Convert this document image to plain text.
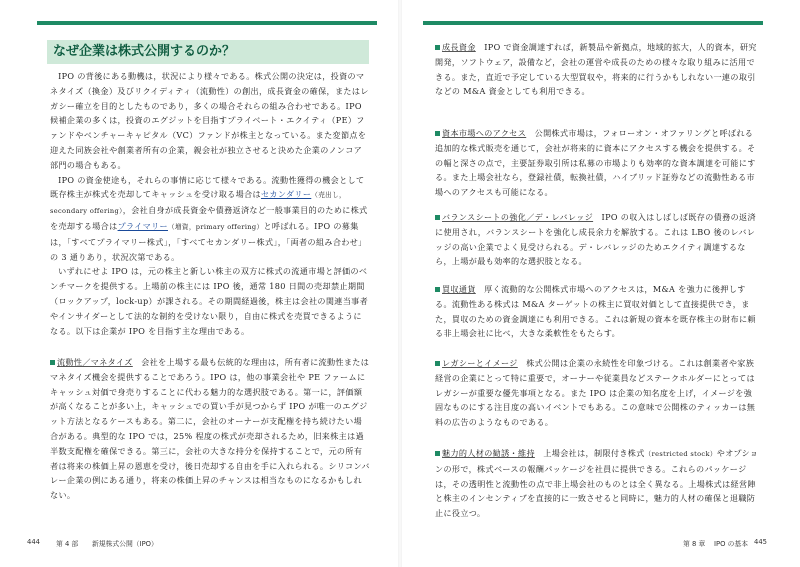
なぜ企業は株式公開するのか？

IPO の背後にある動機は，状況により様々である。株式公開の決定は，投資のマネタイズ（換金）及びリクイディティ（流動性）の創出，成長資金の確保，またはレガシー確立を目的としたものであり，多くの場合それらの組み合わせである。IPO 候補企業の多くは，投資のエグジットを目指すプライベート・エクイティ（PE）ファンドやベンチャーキャピタル（VC）ファンドが株主となっている。また変節点を迎えた同族会社や創業者所有の企業，親会社が独立させると決めた企業のノンコア部門の場合もある。

IPO の資金使途も，それらの事情に応じて様々である。流動性獲得の機会として既存株主が株式を売却してキャッシュを受け取る場合はセカンダリー（売出し，secondary offering），会社自身が成長資金や債務返済など一般事業目的のために株式を売却する場合はプライマリー（増資，primary offering）と呼ばれる。IPO の募集は，「すべてプライマリー株式」，「すべてセカンダリー株式」，「両者の組み合わせ」の 3 通りあり，状況次第である。

いずれにせよ IPO は，元の株主と新しい株主の双方に株式の流通市場と評価のベンチマークを提供する。上場前の株主には IPO 後，通常 180 日間の売却禁止期間（ロックアップ，lock-up）が課される。その期間経過後，株主は会社の関連当事者やインサイダーとして法的な制約を受けない限り，自由に株式を売買できるようになる。以下は企業が IPO を目指す主な理由である。

流動性／マネタイズ　会社を上場する最も伝統的な理由は，所有者に流動性またはマネタイズ機会を提供することであろう。IPO は，他の事業会社や PE ファームにキャッシュ対価で身売りすることに代わる魅力的な選択肢である。第一に，評価額が高くなることが多い上，キャッシュでの買い手が見つからず IPO が唯一のエグジット方法となるケースもある。第二に，会社のオーナーが支配権を持ち続けたい場合がある。典型的な IPO では，25% 程度の株式が売却されるため，旧来株主は過半数支配権を確保できる。第三に，会社の大きな持分を保持することで，元の所有者は将来の株価上昇の恩恵を受け，後日売却する自由を手に入れられる。シリコンバレー企業の例にある通り，将来の株価上昇のチャンスは相当なものになるかもしれない。

444 第 4 部 新規株式公開（IPO）
成長資金　IPO で資金調達すれば，新製品や新拠点，地域的拡大，人的資本，研究開発，ソフトウェア，設備など，会社の運営や成長のための様々な取り組みに活用できる。また，直近で予定している大型買収や，将来的に行うかもしれない一連の取引などの M&A 資金としても利用できる。
資本市場へのアクセス　公開株式市場は，フォローオン・オファリングと呼ばれる追加的な株式販売を通じて，会社が将来的に資本にアクセスする機会を提供する。その幅と深さの点で，主要証券取引所は私募の市場よりも効率的な資本調達を可能にする。また上場会社なら，登録社債，転換社債，ハイブリッド証券などの流動性ある市場へのアクセスも可能になる。
バランスシートの強化／デ・レバレッジ　IPO の収入はしばしば既存の債務の返済に使用され，バランスシートを強化し成長余力を解放する。これは LBO 後のレバレッジの高い企業でよく見受けられる。デ・レバレッジのためエクイティ調達するなら，上場が最も効率的な選択肢となる。
買収通貨　厚く流動的な公開株式市場へのアクセスは，M&A を強力に後押しする。流動性ある株式は M&A ターゲットの株主に買収対価として直接提供でき，また，買収のための資金調達にも利用できる。これは新規の資本を既存株主の財布に頼る非上場会社に比べ，大きな柔軟性をもたらす。
レガシーとイメージ　株式公開は企業の永続性を印象づける。これは創業者や家族経営の企業にとって特に重要で，オーナーや従業員などステークホルダーにとってはレガシーが重要な優先事項となる。また IPO は企業の知名度を上げ，イメージを強固なものにする注目度の高いイベントでもある。この意味で公開株のティッカーは無料の広告のようなものである。
魅力的人材の勧誘・維持　上場会社は，制限付き株式（restricted stock）やオプションの形で，株式ベースの報酬パッケージを社員に提供できる。これらのパッケージは，その透明性と流動性の点で非上場会社のものとは全く異なる。上場株式は経営陣と株主のインセンティブを直接的に一致させると同時に，魅力的人材の確保と退職防止に役立つ。
第 8 章 IPO の基本 445
